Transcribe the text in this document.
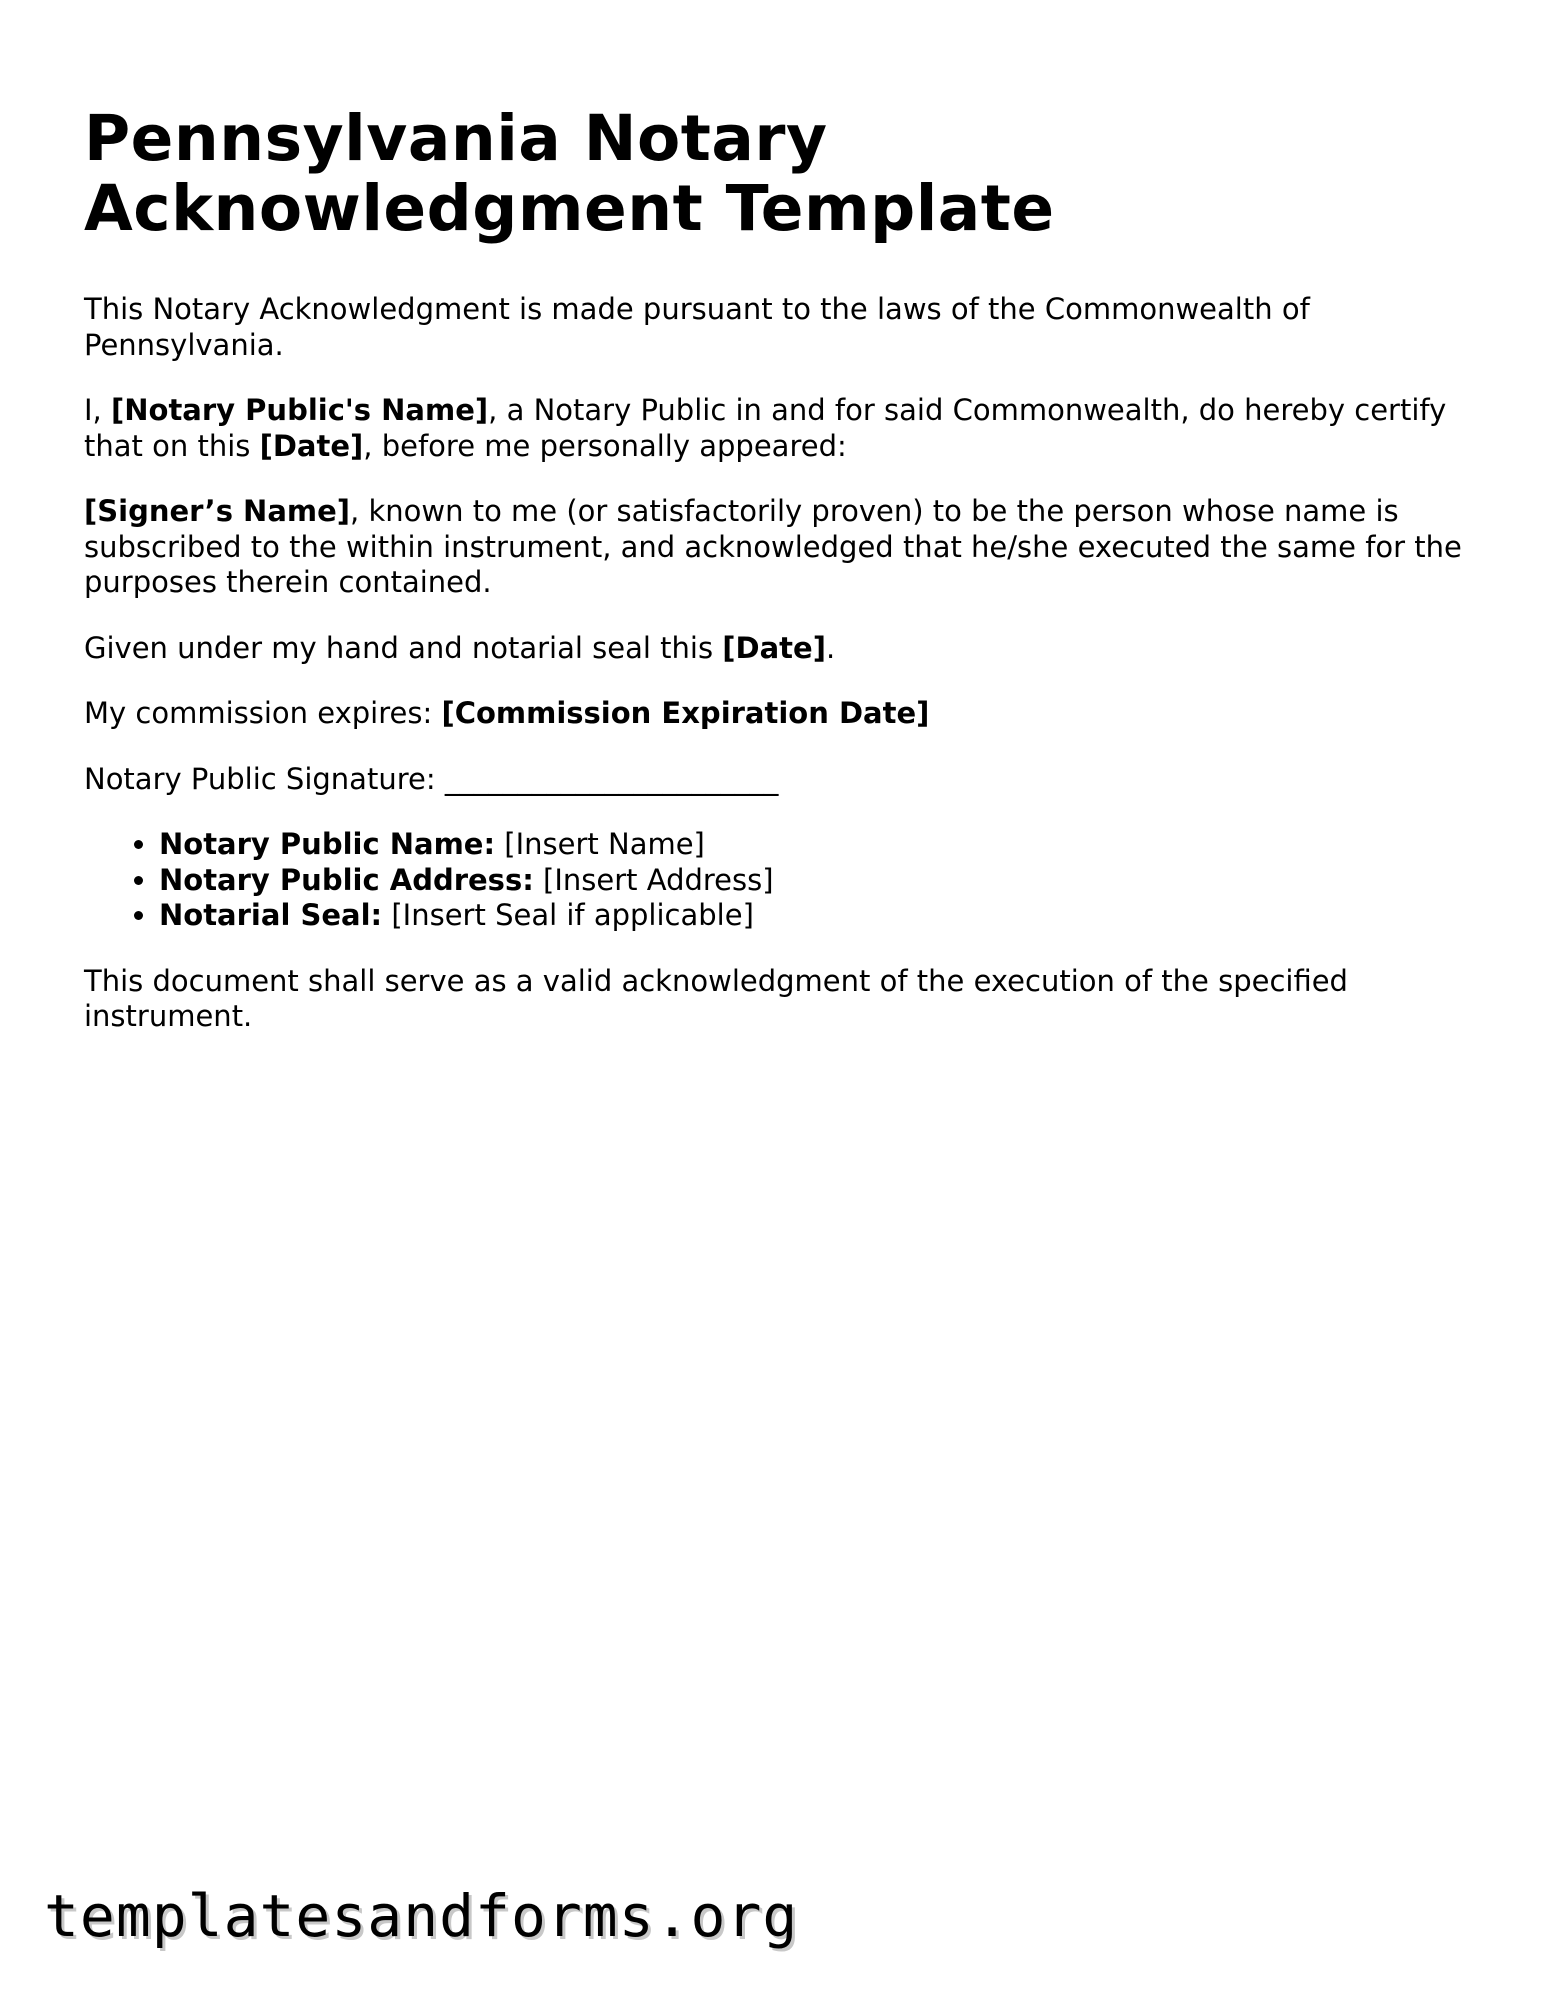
Pennsylvania Notary Acknowledgment Template

This Notary Acknowledgment is made pursuant to the laws of the Commonwealth of Pennsylvania.

I, [Notary Public's Name], a Notary Public in and for said Commonwealth, do hereby certify that on this [Date], before me personally appeared:

[Signer’s Name], known to me (or satisfactorily proven) to be the person whose name is subscribed to the within instrument, and acknowledged that he/she executed the same for the purposes therein contained.

Given under my hand and notarial seal this [Date].

My commission expires: [Commission Expiration Date]

Notary Public Signature: _______________________

• Notary Public Name: [Insert Name]
• Notary Public Address: [Insert Address]
• Notarial Seal: [Insert Seal if applicable]

This document shall serve as a valid acknowledgment of the execution of the specified instrument.

templatesandforms.org
